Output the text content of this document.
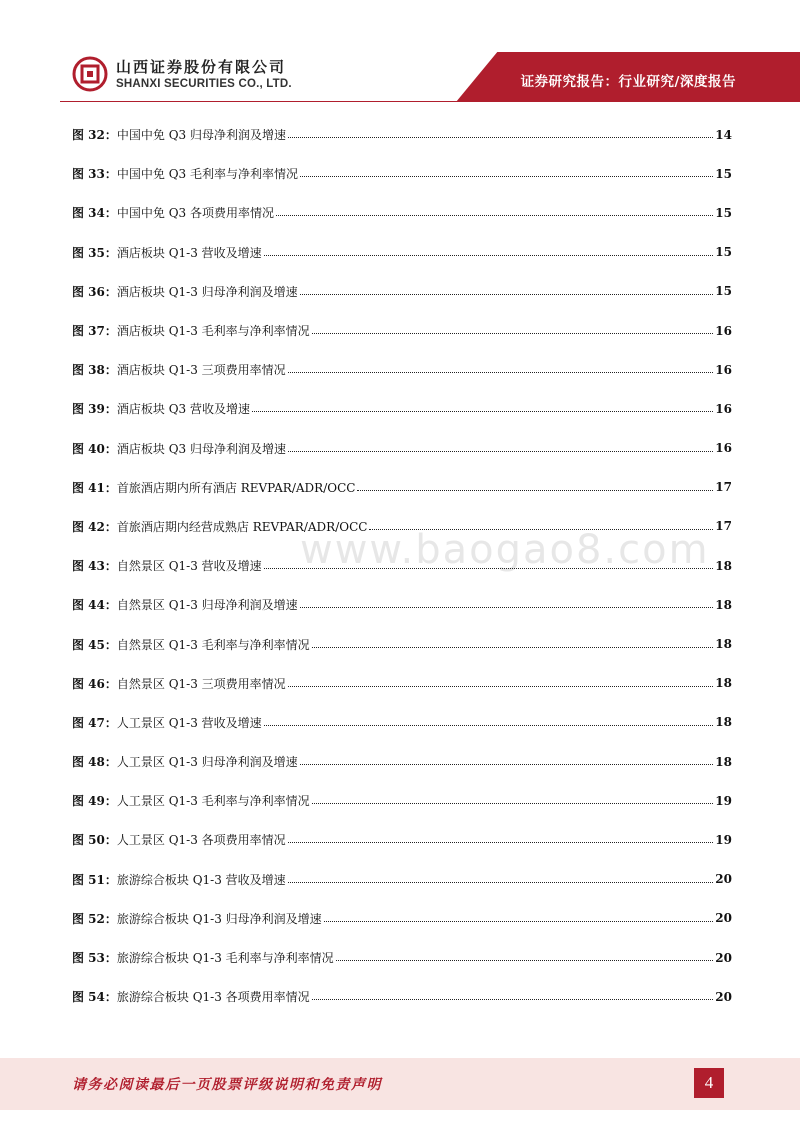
山西证券股份有限公司
SHANXI SECURITIES CO., LTD.	证券研究报告：行业研究/深度报告
www.baogao8.com
图 32： 中国中免 Q3 归母净利润及增速	14
图 33： 中国中免 Q3 毛利率与净利率情况	15
图 34： 中国中免 Q3 各项费用率情况	15
图 35： 酒店板块 Q1-3 营收及增速	15
图 36： 酒店板块 Q1-3 归母净利润及增速	15
图 37： 酒店板块 Q1-3 毛利率与净利率情况	16
图 38： 酒店板块 Q1-3 三项费用率情况	16
图 39： 酒店板块 Q3 营收及增速	16
图 40： 酒店板块 Q3 归母净利润及增速	16
图 41： 首旅酒店期内所有酒店 REVPAR/ADR/OCC	17
图 42： 首旅酒店期内经营成熟店 REVPAR/ADR/OCC	17
图 43： 自然景区 Q1-3 营收及增速	18
图 44： 自然景区 Q1-3 归母净利润及增速	18
图 45： 自然景区 Q1-3 毛利率与净利率情况	18
图 46： 自然景区 Q1-3 三项费用率情况	18
图 47： 人工景区 Q1-3 营收及增速	18
图 48： 人工景区 Q1-3 归母净利润及增速	18
图 49： 人工景区 Q1-3 毛利率与净利率情况	19
图 50： 人工景区 Q1-3 各项费用率情况	19
图 51： 旅游综合板块 Q1-3 营收及增速	20
图 52： 旅游综合板块 Q1-3 归母净利润及增速	20
图 53： 旅游综合板块 Q1-3 毛利率与净利率情况	20
图 54： 旅游综合板块 Q1-3 各项费用率情况	20
请务必阅读最后一页股票评级说明和免责声明	4
